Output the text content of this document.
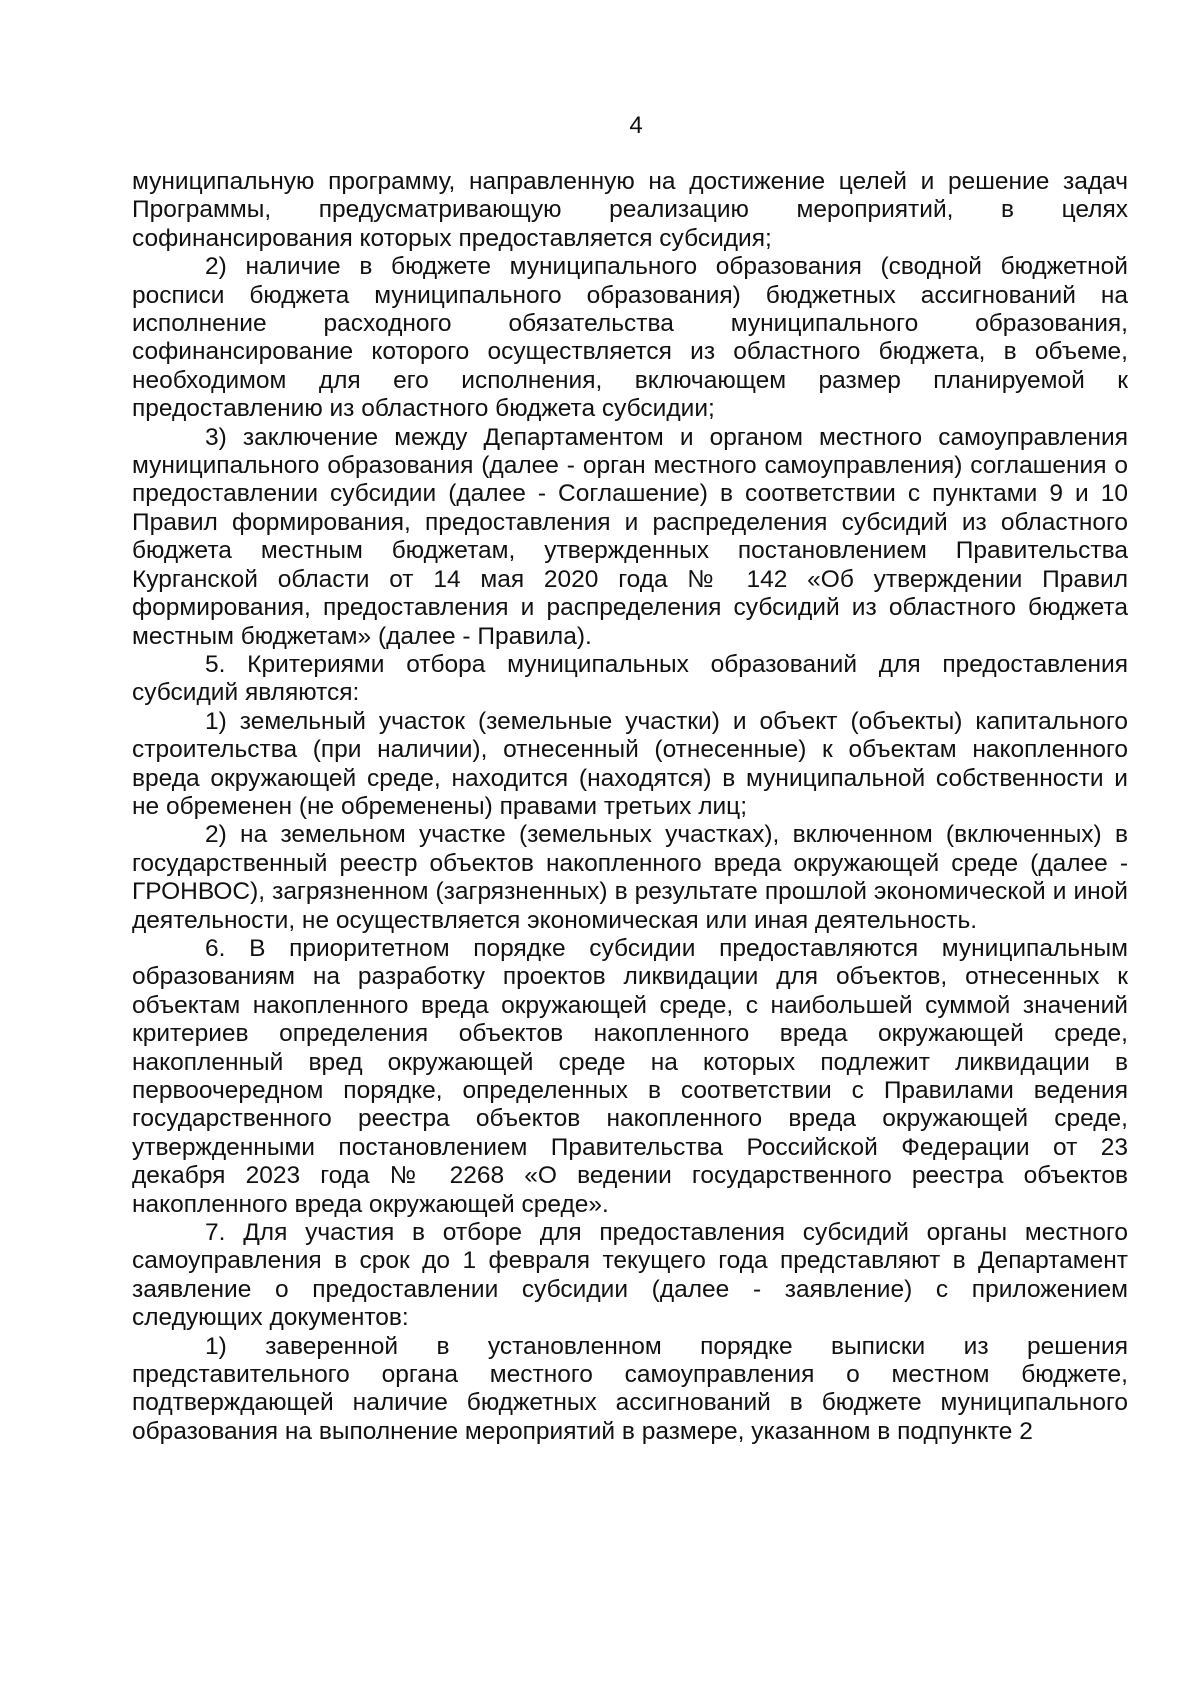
4

муниципальную программу, направленную на достижение целей и решение задач Программы, предусматривающую реализацию мероприятий, в целях софинансирования которых предоставляется субсидия;

2) наличие в бюджете муниципального образования (сводной бюджетной росписи бюджета муниципального образования) бюджетных ассигнований на исполнение расходного обязательства муниципального образования, софинансирование которого осуществляется из областного бюджета, в объеме, необходимом для его исполнения, включающем размер планируемой к предоставлению из областного бюджета субсидии;

3) заключение между Департаментом и органом местного самоуправления муниципального образования (далее - орган местного самоуправления) соглашения о предоставлении субсидии (далее - Соглашение) в соответствии с пунктами 9 и 10 Правил формирования, предоставления и распределения субсидий из областного бюджета местным бюджетам, утвержденных постановлением Правительства Курганской области от 14 мая 2020 года № 142 «Об утверждении Правил формирования, предоставления и распределения субсидий из областного бюджета местным бюджетам» (далее - Правила).

5. Критериями отбора муниципальных образований для предоставления субсидий являются:

1) земельный участок (земельные участки) и объект (объекты) капитального строительства (при наличии), отнесенный (отнесенные) к объектам накопленного вреда окружающей среде, находится (находятся) в муниципальной собственности и не обременен (не обременены) правами третьих лиц;

2) на земельном участке (земельных участках), включенном (включенных) в государственный реестр объектов накопленного вреда окружающей среде (далее - ГРОНВОС), загрязненном (загрязненных) в результате прошлой экономической и иной деятельности, не осуществляется экономическая или иная деятельность.

6. В приоритетном порядке субсидии предоставляются муниципальным образованиям на разработку проектов ликвидации для объектов, отнесенных к объектам накопленного вреда окружающей среде, с наибольшей суммой значений критериев определения объектов накопленного вреда окружающей среде, накопленный вред окружающей среде на которых подлежит ликвидации в первоочередном порядке, определенных в соответствии с Правилами ведения государственного реестра объектов накопленного вреда окружающей среде, утвержденными постановлением Правительства Российской Федерации от 23 декабря 2023 года № 2268 «О ведении государственного реестра объектов накопленного вреда окружающей среде».

7. Для участия в отборе для предоставления субсидий органы местного самоуправления в срок до 1 февраля текущего года представляют в Департамент заявление о предоставлении субсидии (далее - заявление) с приложением следующих документов:

1) заверенной в установленном порядке выписки из решения представительного органа местного самоуправления о местном бюджете, подтверждающей наличие бюджетных ассигнований в бюджете муниципального образования на выполнение мероприятий в размере, указанном в подпункте 2
